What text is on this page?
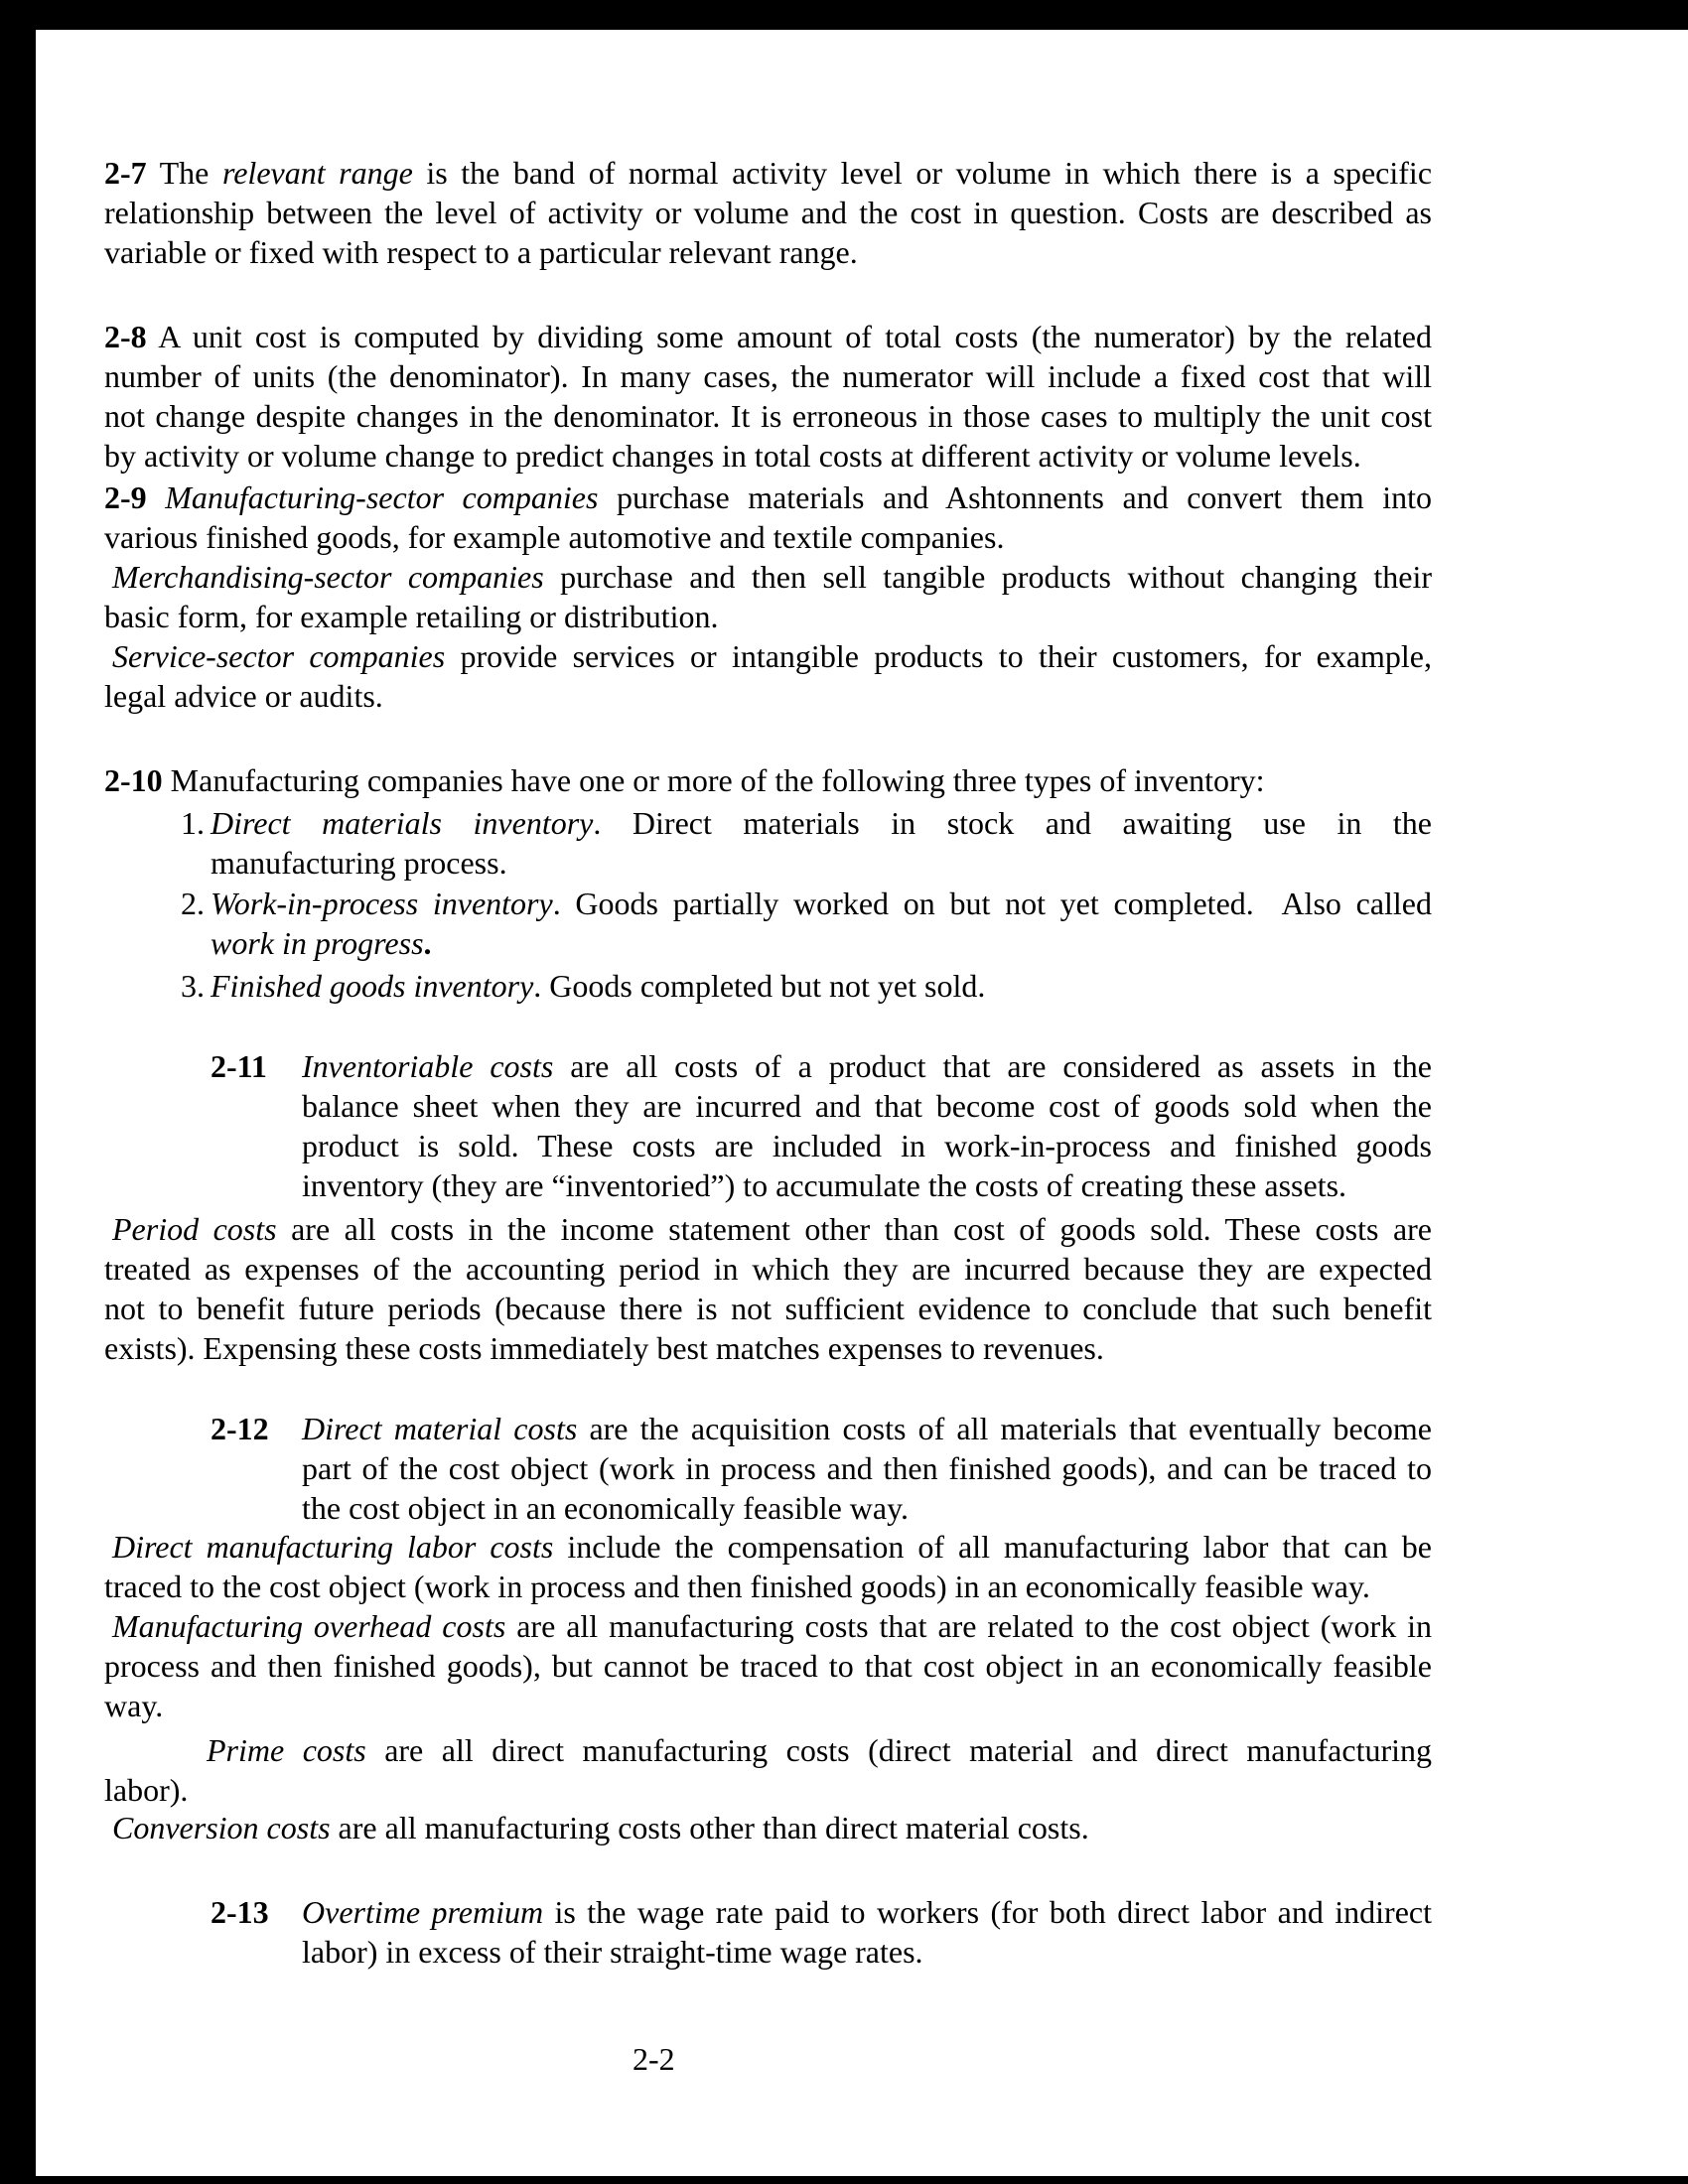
2-2
2-7 The relevant range is the band of normal activity level or volume in which there is a specific
relationship between the level of activity or volume and the cost in question. Costs are described as
variable or fixed with respect to a particular relevant range.
2-8 A unit cost is computed by dividing some amount of total costs (the numerator) by the related
number of units (the denominator). In many cases, the numerator will include a fixed cost that will
not change despite changes in the denominator. It is erroneous in those cases to multiply the unit cost
by activity or volume change to predict changes in total costs at different activity or volume levels.
2-9 Manufacturing-sector companies purchase materials and Ashtonnents and convert them into
various finished goods, for example automotive and textile companies.
Merchandising-sector companies purchase and then sell tangible products without changing their
basic form, for example retailing or distribution.
Service-sector companies provide services or intangible products to their customers, for example,
legal advice or audits.
2-10 Manufacturing companies have one or more of the following three types of inventory:
1. Direct materials inventory. Direct materials in stock and awaiting use in the
manufacturing process.
2. Work-in-process inventory. Goods partially worked on but not yet completed.  Also called
work in progress.
3. Finished goods inventory. Goods completed but not yet sold.
2-11 Inventoriable costs are all costs of a product that are considered as assets in the
balance sheet when they are incurred and that become cost of goods sold when the
product is sold. These costs are included in work-in-process and finished goods
inventory (they are “inventoried”) to accumulate the costs of creating these assets.
Period costs are all costs in the income statement other than cost of goods sold. These costs are
treated as expenses of the accounting period in which they are incurred because they are expected
not to benefit future periods (because there is not sufficient evidence to conclude that such benefit
exists). Expensing these costs immediately best matches expenses to revenues.
2-12 Direct material costs are the acquisition costs of all materials that eventually become
part of the cost object (work in process and then finished goods), and can be traced to
the cost object in an economically feasible way.
Direct manufacturing labor costs include the compensation of all manufacturing labor that can be
traced to the cost object (work in process and then finished goods) in an economically feasible way.
Manufacturing overhead costs are all manufacturing costs that are related to the cost object (work in
process and then finished goods), but cannot be traced to that cost object in an economically feasible
way.
Prime costs are all direct manufacturing costs (direct material and direct manufacturing
labor).
Conversion costs are all manufacturing costs other than direct material costs.
2-13 Overtime premium is the wage rate paid to workers (for both direct labor and indirect
labor) in excess of their straight-time wage rates.
